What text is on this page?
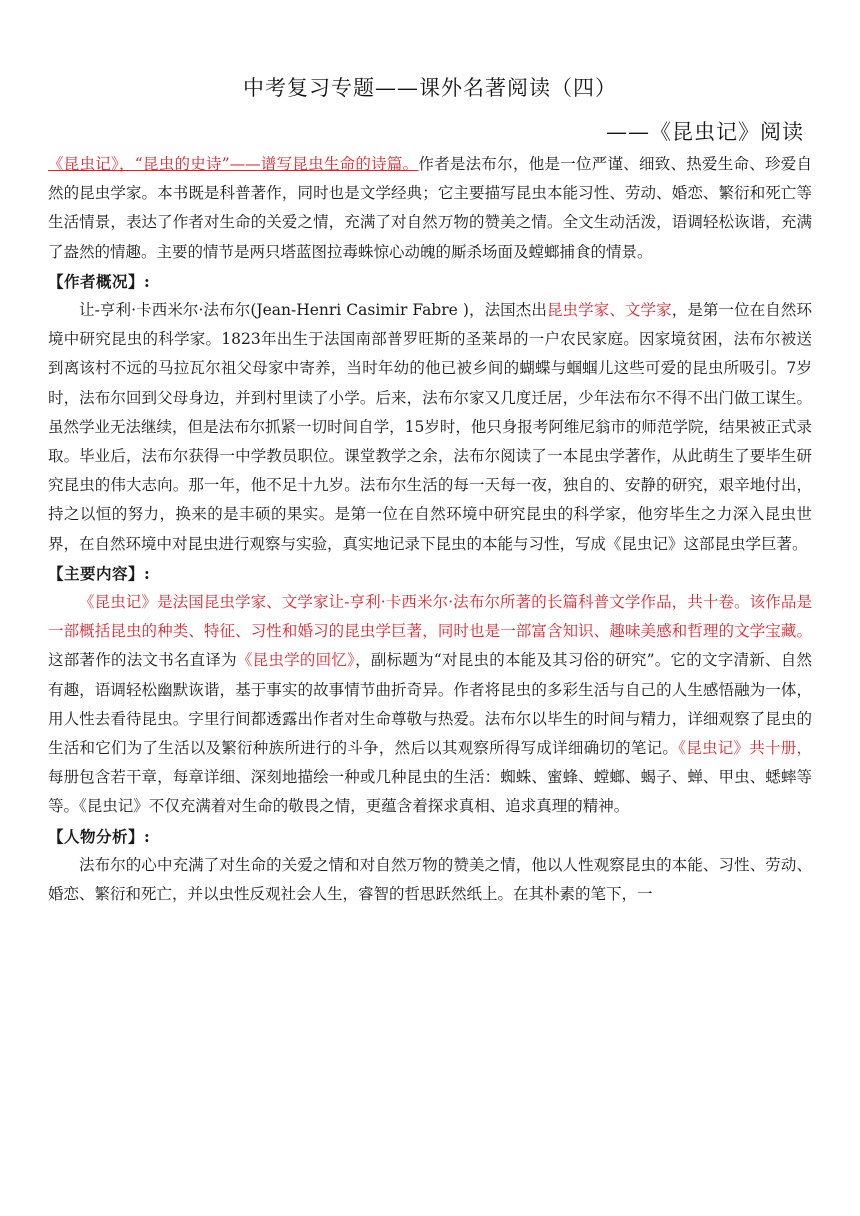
中考复习专题——课外名著阅读（四）
——《昆虫记》阅读

《昆虫记》，“昆虫的史诗”——谱写昆虫生命的诗篇。作者是法布尔，他是一位严谨、细致、热爱生命、珍爱自然的昆虫学家。本书既是科普著作，同时也是文学经典；它主要描写昆虫本能习性、劳动、婚恋、繁衍和死亡等生活情景，表达了作者对生命的关爱之情，充满了对自然万物的赞美之情。全文生动活泼，语调轻松诙谐，充满了盎然的情趣。主要的情节是两只塔蓝图拉毒蛛惊心动魄的厮杀场面及螳螂捕食的情景。

【作者概况】:

让-亨利·卡西米尔·法布尔(Jean-Henri Casimir Fabre )，法国杰出昆虫学家、文学家，是第一位在自然环境中研究昆虫的科学家。1823年出生于法国南部普罗旺斯的圣莱昂的一户农民家庭。因家境贫困，法布尔被送到离该村不远的马拉瓦尔祖父母家中寄养，当时年幼的他已被乡间的蝴蝶与蝈蝈儿这些可爱的昆虫所吸引。7岁时，法布尔回到父母身边，并到村里读了小学。后来，法布尔家又几度迁居，少年法布尔不得不出门做工谋生。虽然学业无法继续，但是法布尔抓紧一切时间自学，15岁时，他只身报考阿维尼翁市的师范学院，结果被正式录取。毕业后，法布尔获得一中学教员职位。课堂教学之余，法布尔阅读了一本昆虫学著作，从此萌生了要毕生研究昆虫的伟大志向。那一年，他不足十九岁。法布尔生活的每一天每一夜，独自的、安静的研究，艰辛地付出，持之以恒的努力，换来的是丰硕的果实。是第一位在自然环境中研究昆虫的科学家，他穷毕生之力深入昆虫世界，在自然环境中对昆虫进行观察与实验，真实地记录下昆虫的本能与习性，写成《昆虫记》这部昆虫学巨著。

【主要内容】:

《昆虫记》是法国昆虫学家、文学家让-亨利·卡西米尔·法布尔所著的长篇科普文学作品，共十卷。该作品是一部概括昆虫的种类、特征、习性和婚习的昆虫学巨著，同时也是一部富含知识、趣味美感和哲理的文学宝藏。这部著作的法文书名直译为《昆虫学的回忆》，副标题为“对昆虫的本能及其习俗的研究”。它的文字清新、自然有趣，语调轻松幽默诙谐，基于事实的故事情节曲折奇异。作者将昆虫的多彩生活与自己的人生感悟融为一体，用人性去看待昆虫。字里行间都透露出作者对生命尊敬与热爱。法布尔以毕生的时间与精力，详细观察了昆虫的生活和它们为了生活以及繁衍种族所进行的斗争，然后以其观察所得写成详细确切的笔记。《昆虫记》共十册，每册包含若干章，每章详细、深刻地描绘一种或几种昆虫的生活：蜘蛛、蜜蜂、螳螂、蝎子、蝉、甲虫、蟋蟀等等。《昆虫记》不仅充满着对生命的敬畏之情，更蕴含着探求真相、追求真理的精神。

【人物分析】:

法布尔的心中充满了对生命的关爱之情和对自然万物的赞美之情，他以人性观察昆虫的本能、习性、劳动、婚恋、繁衍和死亡，并以虫性反观社会人生，睿智的哲思跃然纸上。在其朴素的笔下，一
